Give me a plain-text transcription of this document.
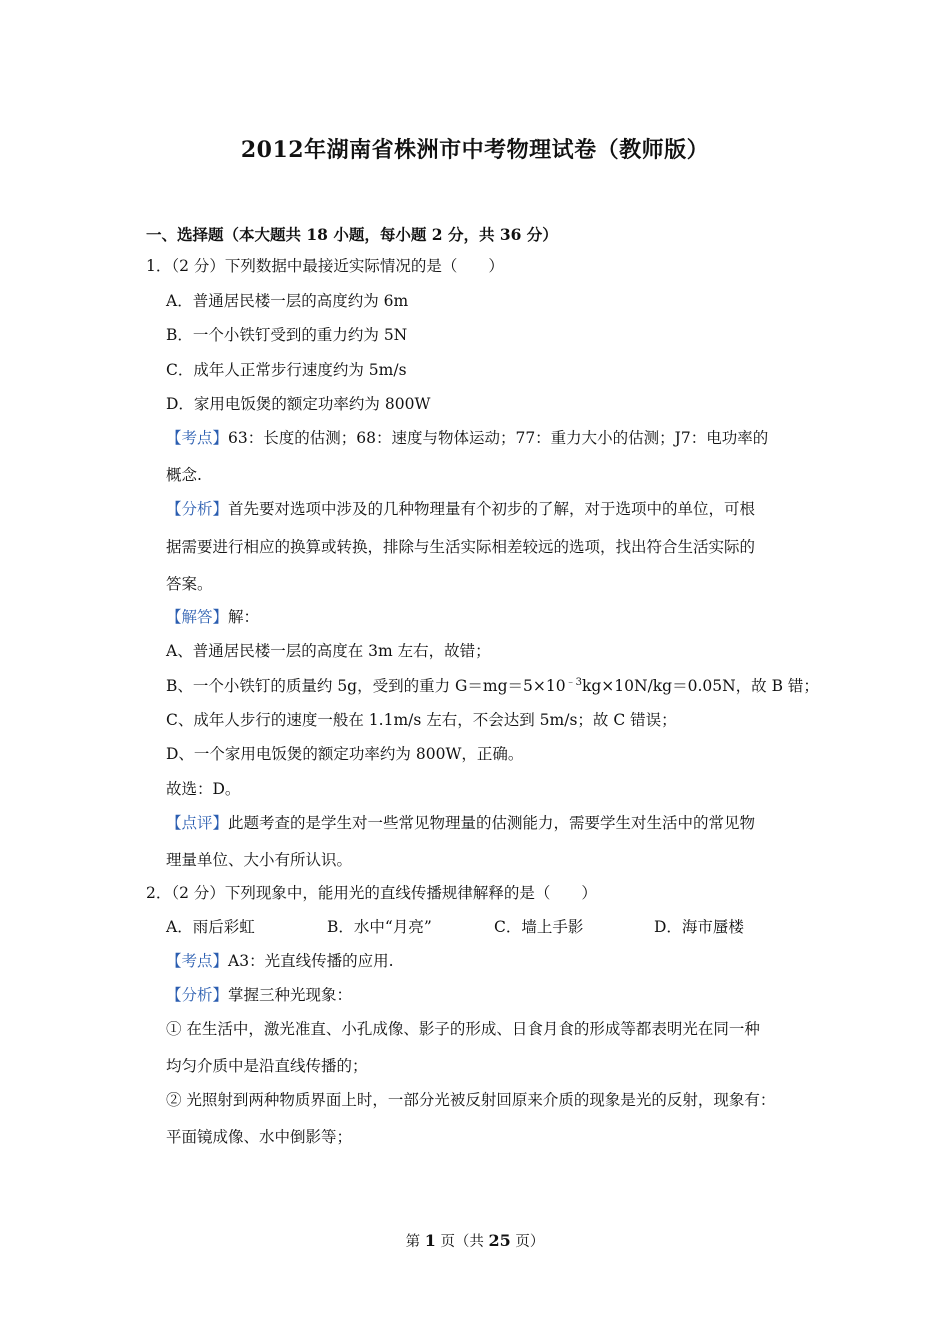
2012年湖南省株洲市中考物理试卷（教师版）
一、选择题（本大题共 18 小题，每小题 2 分，共 36 分）
1．（2 分）下列数据中最接近实际情况的是（　　）
A．普通居民楼一层的高度约为 6m
B．一个小铁钉受到的重力约为 5N
C．成年人正常步行速度约为 5m/s
D．家用电饭煲的额定功率约为 800W
【考点】63：长度的估测；68：速度与物体运动；77：重力大小的估测；J7：电功率的
概念.
【分析】首先要对选项中涉及的几种物理量有个初步的了解，对于选项中的单位，可根
据需要进行相应的换算或转换，排除与生活实际相差较远的选项，找出符合生活实际的
答案。
【解答】解：
A、普通居民楼一层的高度在 3m 左右，故错；
B、一个小铁钉的质量约 5g，受到的重力 $G=mg=5\times 10^{﹣3}kg\times 10N/kg=0.05N$，故 B 错；
C、成年人步行的速度一般在 1.1m/s 左右，不会达到 5m/s；故 C 错误；
D、一个家用电饭煲的额定功率约为 800W，正确。
故选：D。
【点评】此题考查的是学生对一些常见物理量的估测能力，需要学生对生活中的常见物
理量单位、大小有所认识。
2．（2 分）下列现象中，能用光的直线传播规律解释的是（　　）
A．雨后彩虹	B．水中“月亮”	C．墙上手影	D．海市蜃楼
【考点】A3：光直线传播的应用.
【分析】掌握三种光现象：
① 在生活中，激光准直、小孔成像、影子的形成、日食月食的形成等都表明光在同一种
均匀介质中是沿直线传播的；
② 光照射到两种物质界面上时，一部分光被反射回原来介质的现象是光的反射，现象有：
平面镜成像、水中倒影等；
第 1 页（共 25 页）
